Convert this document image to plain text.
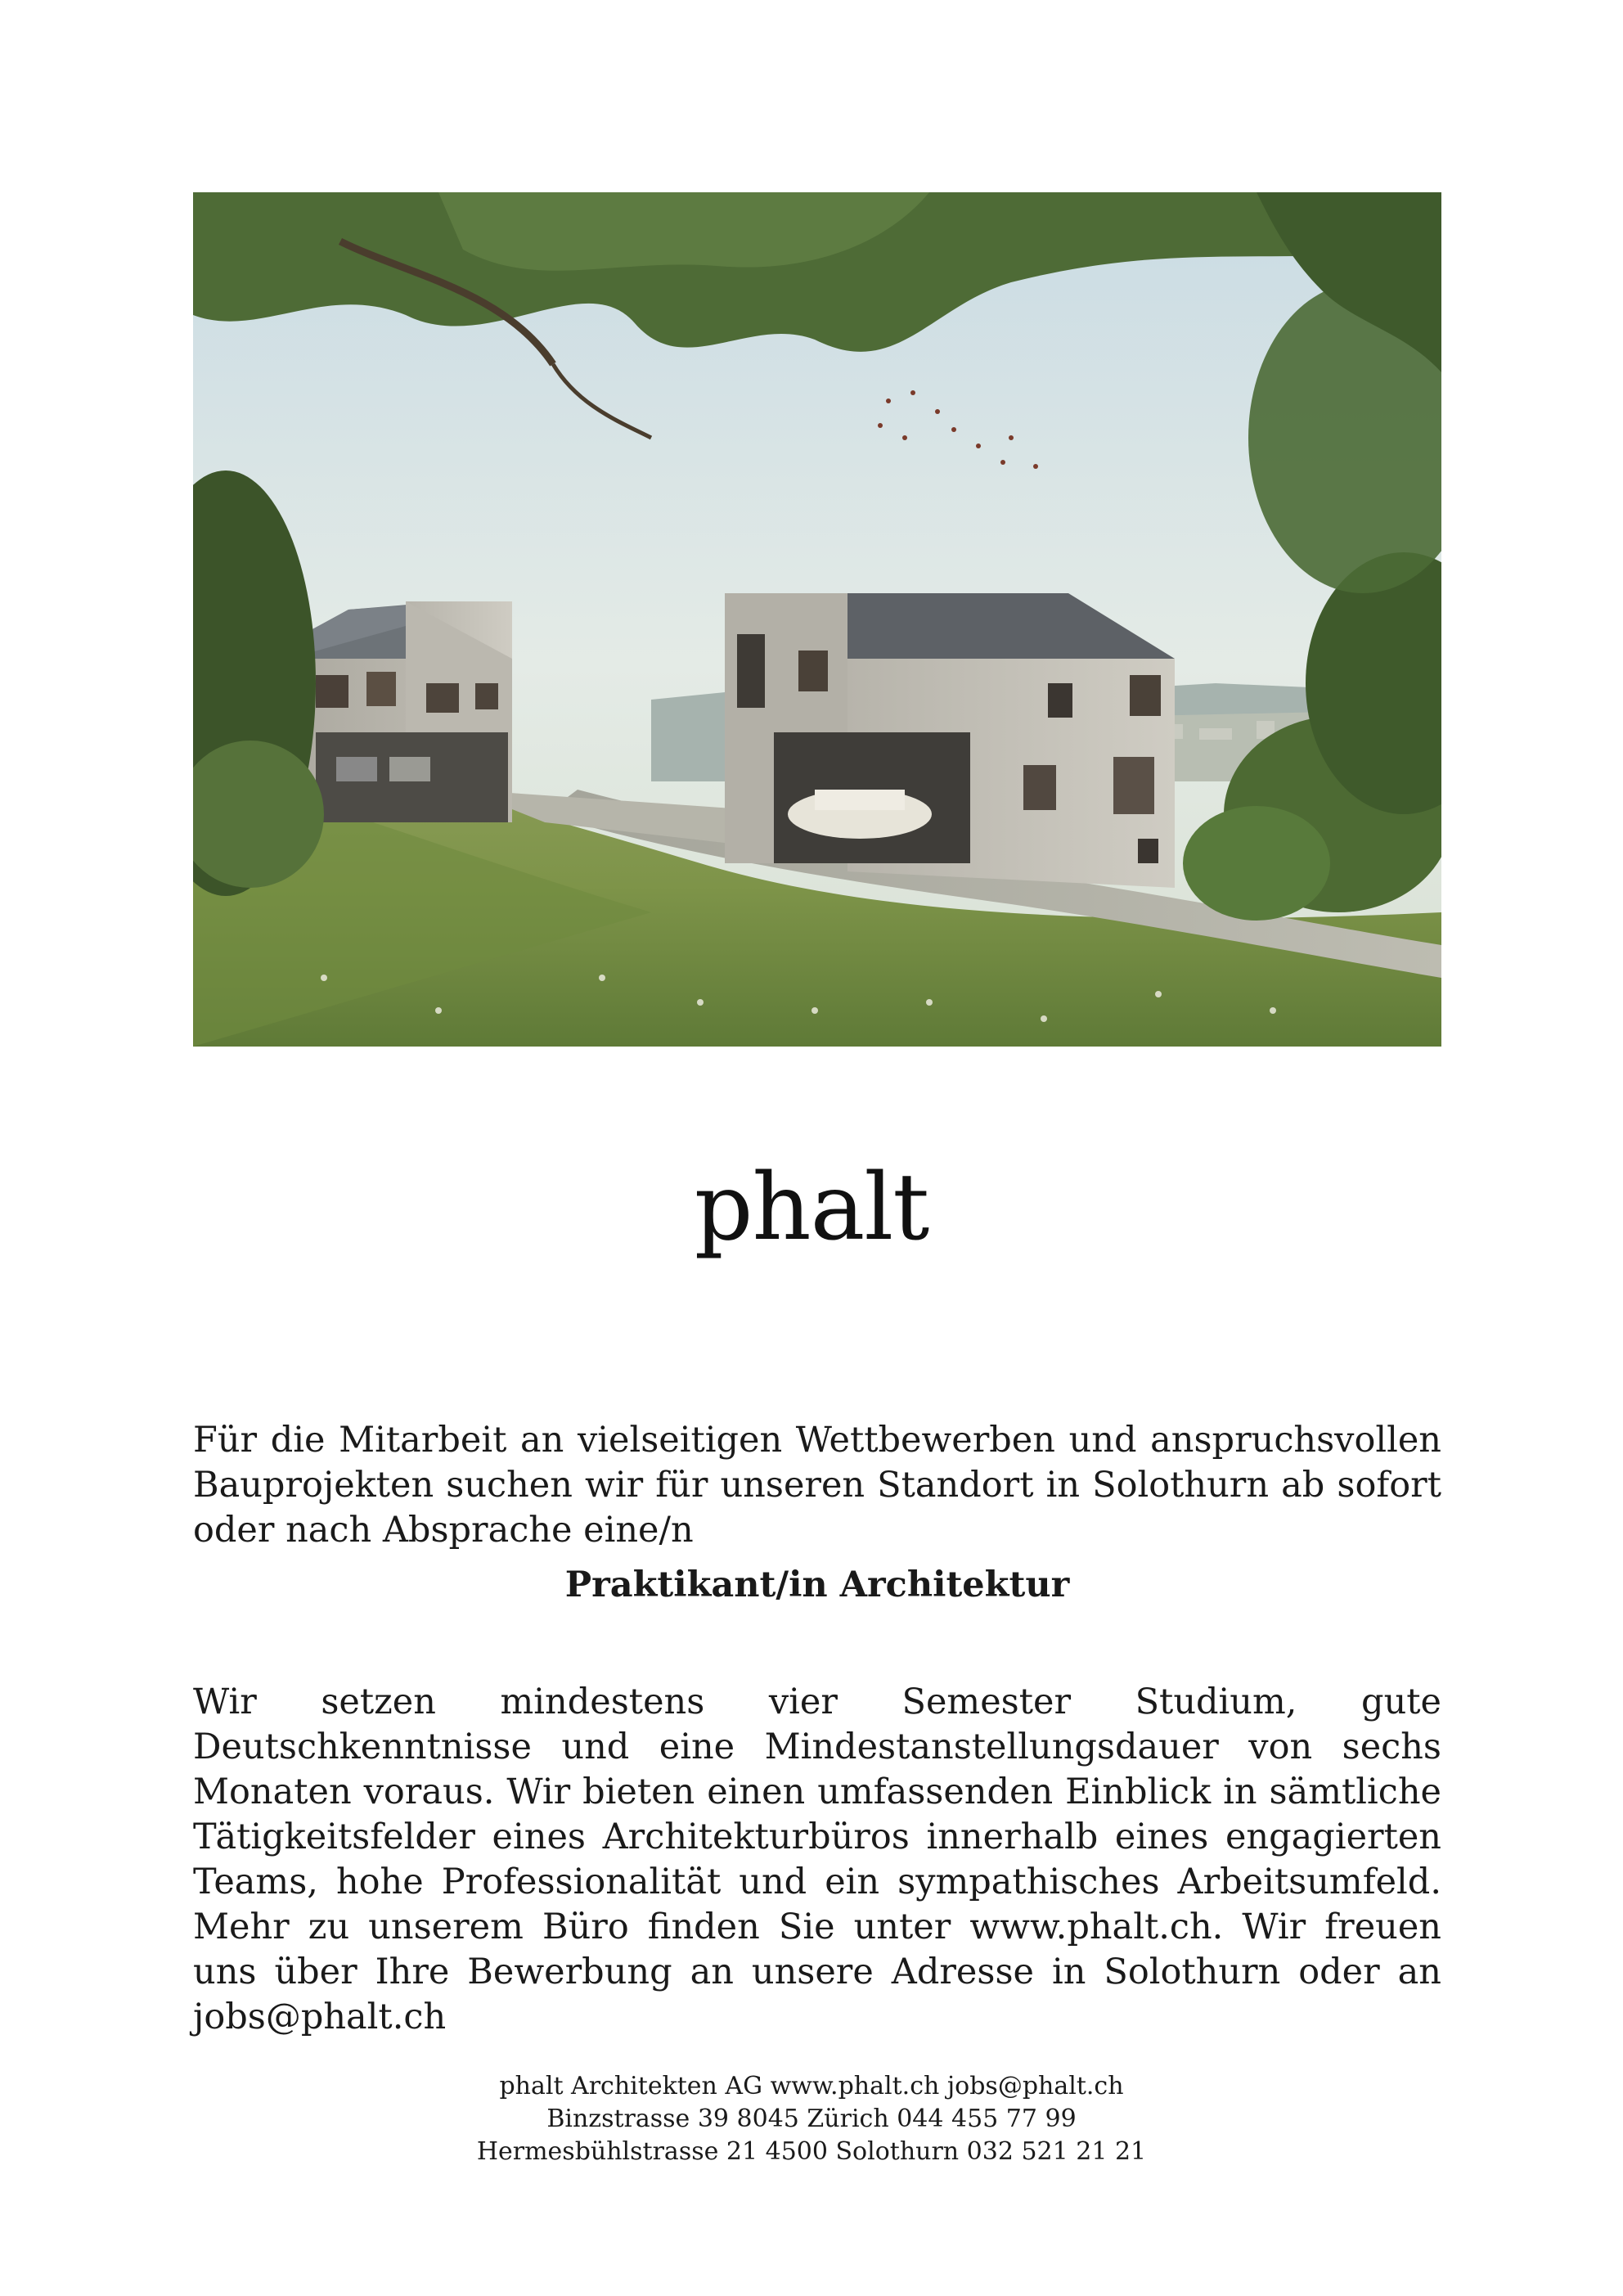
phalt

Für die Mitarbeit an vielseitigen Wettbewerben und anspruchsvollen Bauprojekten suchen wir für unseren Standort in Solothurn ab sofort oder nach Absprache eine/n

Praktikant/in Architektur

Wir setzen mindestens vier Semester Studium, gute Deutschkenntnisse und eine Mindestanstellungsdauer von sechs Monaten voraus. Wir bieten einen umfassenden Einblick in sämtliche Tätigkeitsfelder eines Architekturbüros innerhalb eines engagierten Teams, hohe Professionalität und ein sympathisches Arbeitsumfeld. Mehr zu unserem Büro finden Sie unter www.phalt.ch. Wir freuen uns über Ihre Bewerbung an unsere Adresse in Solothurn oder an jobs@phalt.ch

phalt Architekten AG www.phalt.ch jobs@phalt.ch
Binzstrasse 39 8045 Zürich 044 455 77 99
Hermesbühlstrasse 21 4500 Solothurn 032 521 21 21
